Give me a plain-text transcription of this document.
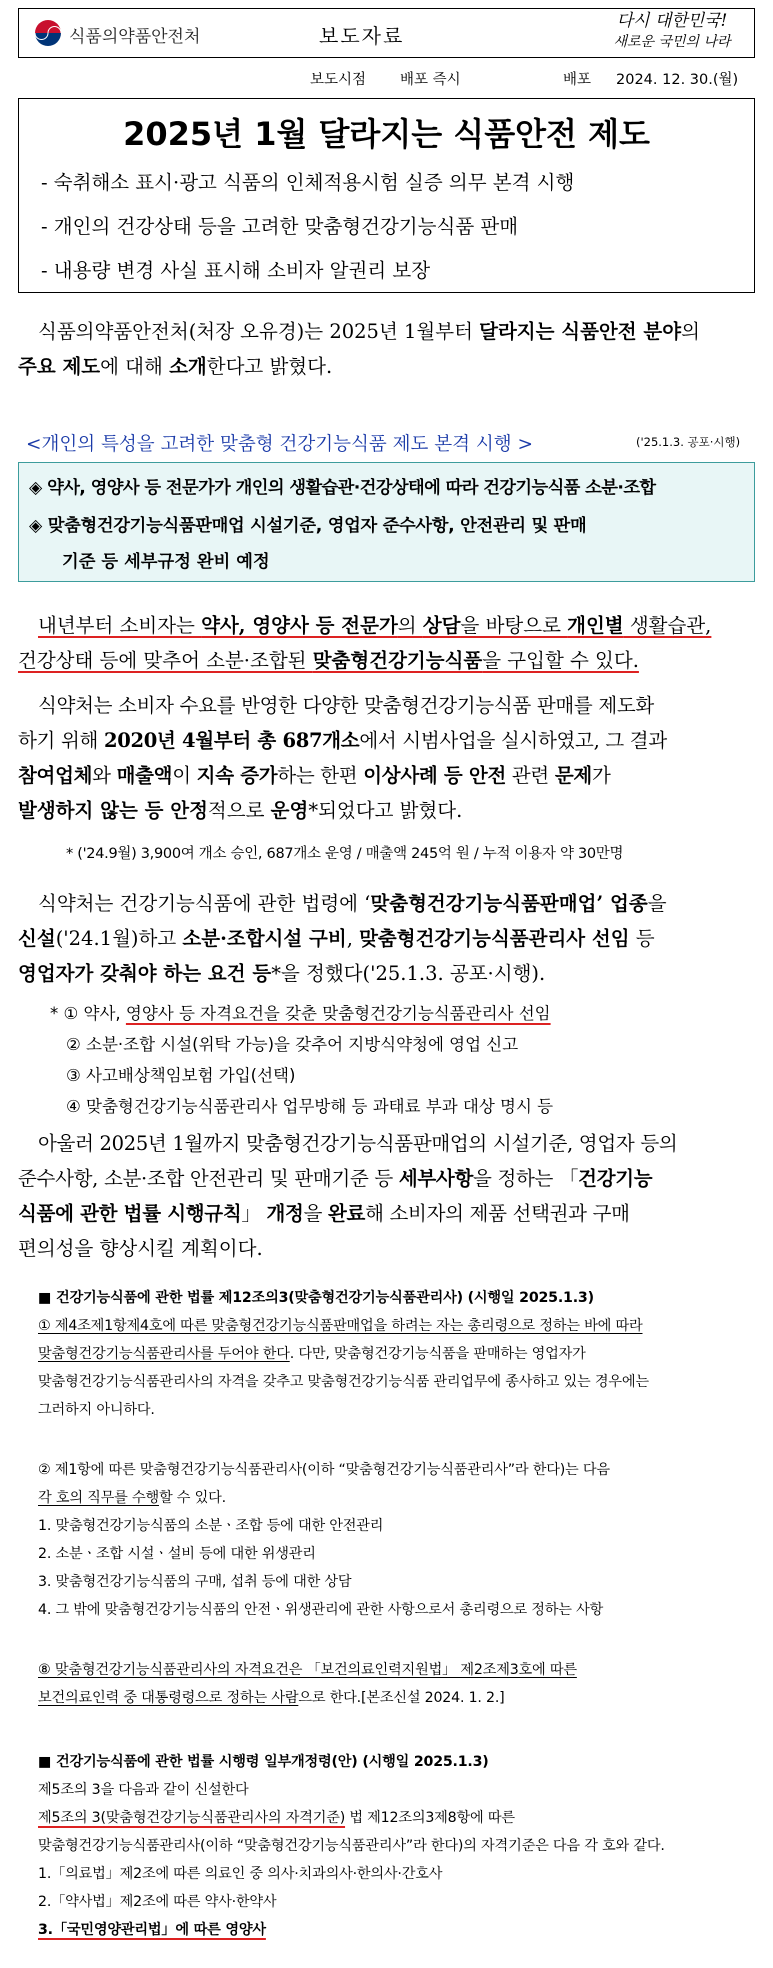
식품의약품안전처	보도자료
다시 대한민국!
새로운 국민의 나라
보도시점 배포 즉시	배포 2024. 12. 30.(월)
2025년 1월 달라지는 식품안전 제도
- 숙취해소 표시·광고 식품의 인체적용시험 실증 의무 본격 시행
- 개인의 건강상태 등을 고려한 맞춤형건강기능식품 판매
- 내용량 변경 사실 표시해 소비자 알권리 보장
식품의약품안전처(처장 오유경)는 2025년 1월부터 달라지는 식품안전 분야의
주요 제도에 대해 소개한다고 밝혔다.
<개인의 특성을 고려한 맞춤형 건강기능식품 제도 본격 시행 >	('25.1.3. 공포·시행)
◈ 약사, 영양사 등 전문가가 개인의 생활습관·건강상태에 따라 건강기능식품 소분·조합
◈ 맞춤형건강기능식품판매업 시설기준, 영업자 준수사항, 안전관리 및 판매
기준 등 세부규정 완비 예정
내년부터 소비자는 약사, 영양사 등 전문가의 상담을 바탕으로 개인별 생활습관,
건강상태 등에 맞추어 소분·조합된 맞춤형건강기능식품을 구입할 수 있다.
식약처는 소비자 수요를 반영한 다양한 맞춤형건강기능식품 판매를 제도화
하기 위해 2020년 4월부터 총 687개소에서 시범사업을 실시하였고, 그 결과
참여업체와 매출액이 지속 증가하는 한편 이상사례 등 안전 관련 문제가
발생하지 않는 등 안정적으로 운영*되었다고 밝혔다.
* ('24.9월) 3,900여 개소 승인, 687개소 운영 / 매출액 245억 원 / 누적 이용자 약 30만명
식약처는 건강기능식품에 관한 법령에 ‘맞춤형건강기능식품판매업’ 업종을
신설('24.1월)하고 소분·조합시설 구비, 맞춤형건강기능식품관리사 선임 등
영업자가 갖춰야 하는 요건 등*을 정했다('25.1.3. 공포·시행).
* ① 약사, 영양사 등 자격요건을 갖춘 맞춤형건강기능식품관리사 선임
② 소분·조합 시설(위탁 가능)을 갖추어 지방식약청에 영업 신고
③ 사고배상책임보험 가입(선택)
④ 맞춤형건강기능식품관리사 업무방해 등 과태료 부과 대상 명시 등
아울러 2025년 1월까지 맞춤형건강기능식품판매업의 시설기준, 영업자 등의
준수사항, 소분·조합 안전관리 및 판매기준 등 세부사항을 정하는 「건강기능
식품에 관한 법률 시행규칙」 개정을 완료해 소비자의 제품 선택권과 구매
편의성을 향상시킬 계획이다.
■ 건강기능식품에 관한 법률 제12조의3(맞춤형건강기능식품관리사) (시행일 2025.1.3)
① 제4조제1항제4호에 따른 맞춤형건강기능식품판매업을 하려는 자는 총리령으로 정하는 바에 따라
맞춤형건강기능식품관리사를 두어야 한다. 다만, 맞춤형건강기능식품을 판매하는 영업자가
맞춤형건강기능식품관리사의 자격을 갖추고 맞춤형건강기능식품 관리업무에 종사하고 있는 경우에는
그러하지 아니하다.
② 제1항에 따른 맞춤형건강기능식품관리사(이하 “맞춤형건강기능식품관리사”라 한다)는 다음
각 호의 직무를 수행할 수 있다.
1. 맞춤형건강기능식품의 소분ㆍ조합 등에 대한 안전관리
2. 소분ㆍ조합 시설ㆍ설비 등에 대한 위생관리
3. 맞춤형건강기능식품의 구매, 섭취 등에 대한 상담
4. 그 밖에 맞춤형건강기능식품의 안전ㆍ위생관리에 관한 사항으로서 총리령으로 정하는 사항
⑧ 맞춤형건강기능식품관리사의 자격요건은 「보건의료인력지원법」 제2조제3호에 따른
보건의료인력 중 대통령령으로 정하는 사람으로 한다.[본조신설 2024. 1. 2.]
■ 건강기능식품에 관한 법률 시행령 일부개정령(안) (시행일 2025.1.3)
제5조의 3을 다음과 같이 신설한다
제5조의 3(맞춤형건강기능식품관리사의 자격기준) 법 제12조의3제8항에 따른
맞춤형건강기능식품관리사(이하 “맞춤형건강기능식품관리사”라 한다)의 자격기준은 다음 각 호와 같다.
1.「의료법」제2조에 따른 의료인 중 의사·치과의사·한의사·간호사
2.「약사법」제2조에 따른 약사·한약사
3.「국민영양관리법」에 따른 영양사
